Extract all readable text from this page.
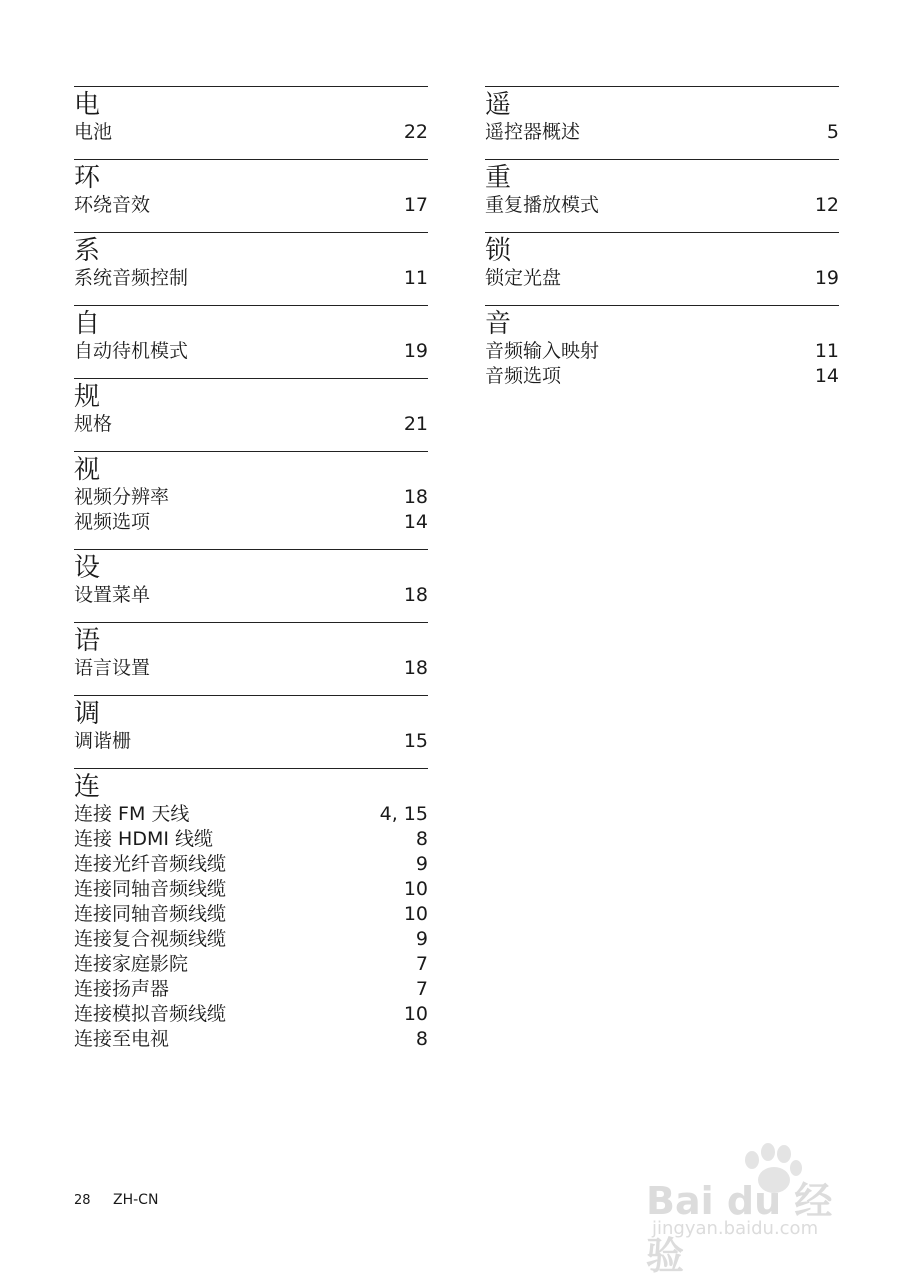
电
电池	22
环
环绕音效	17
系
系统音频控制	11
自
自动待机模式	19
规
规格	21
视
视频分辨率	18
视频选项	14
设
设置菜单	18
语
语言设置	18
调
调谐栅	15
连
连接 FM 天线	4, 15
连接 HDMI 线缆	8
连接光纤音频线缆	9
连接同轴音频线缆	10
连接同轴音频线缆	10
连接复合视频线缆	9
连接家庭影院	7
连接扬声器	7
连接模拟音频线缆	10
连接至电视	8
遥
遥控器概述	5
重
重复播放模式	12
锁
锁定光盘	19
音
音频输入映射	11
音频选项	14
28 ZH-CN	Bai du 经验
jingyan.baidu.com
